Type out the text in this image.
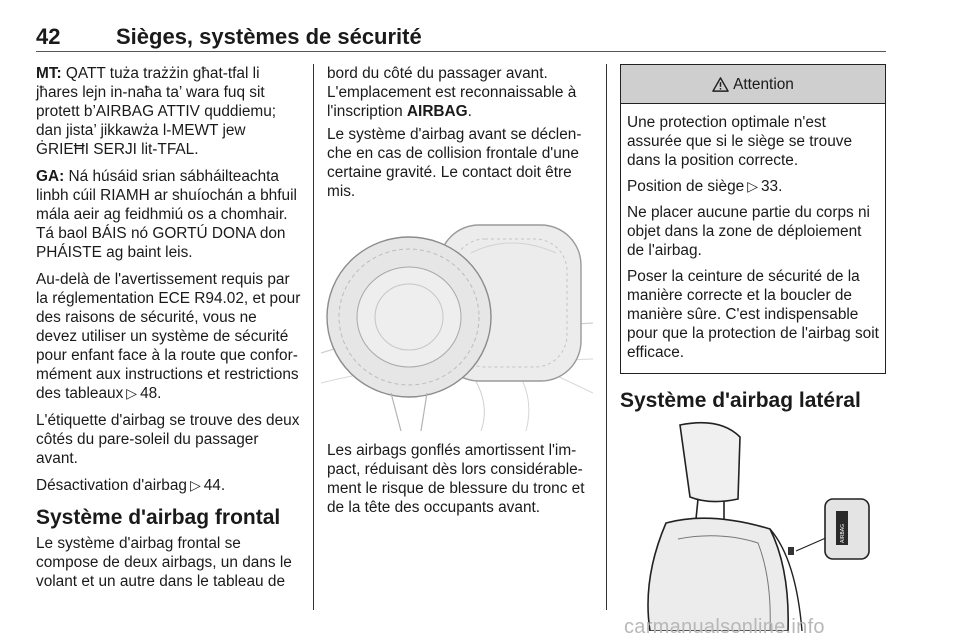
42	Sièges, systèmes de sécurité

MT: QATT tuża trażżin għat-tfal li jħares lejn in-naħa ta’ wara fuq sit protett b’AIRBAG ATTIV quddiemu; dan jista’ jikkawża l-MEWT jew ĠRIEĦI SERJI lit-TFAL.

GA: Ná húsáid srian sábháilteachta linbh cúil RIAMH ar shuíochán a bhfuil mála aeir ag feidhmiú os a chomhair. Tá baol BÁIS nó GORTÚ DONA don PHÁISTE ag baint leis.

Au-delà de l'avertissement requis par la réglementation ECE R94.02, et pour des raisons de sécurité, vous ne devez utiliser un système de sécurité pour enfant face à la route que conformément aux instructions et restrictions des tableaux ▷ 48.

L'étiquette d'airbag se trouve des deux côtés du pare-soleil du passager avant.

Désactivation d'airbag ▷ 44.

Système d'airbag frontal

Le système d'airbag frontal se compose de deux airbags, un dans le volant et un autre dans le tableau de

bord du côté du passager avant. L'emplacement est reconnaissable à l'inscription AIRBAG.

Le système d'airbag avant se déclenche en cas de collision frontale d'une certaine gravité. Le contact doit être mis.

Les airbags gonflés amortissent l'impact, réduisant dès lors considérablement le risque de blessure du tronc et de la tête des occupants avant.

Attention

Une protection optimale n'est assurée que si le siège se trouve dans la position correcte.

Position de siège ▷ 33.

Ne placer aucune partie du corps ni objet dans la zone de déploiement de l'airbag.

Poser la ceinture de sécurité de la manière correcte et la boucler de manière sûre. C'est indispensable pour que la protection de l'airbag soit efficace.

Système d'airbag latéral
AIRBAG
carmanualsonline.info
